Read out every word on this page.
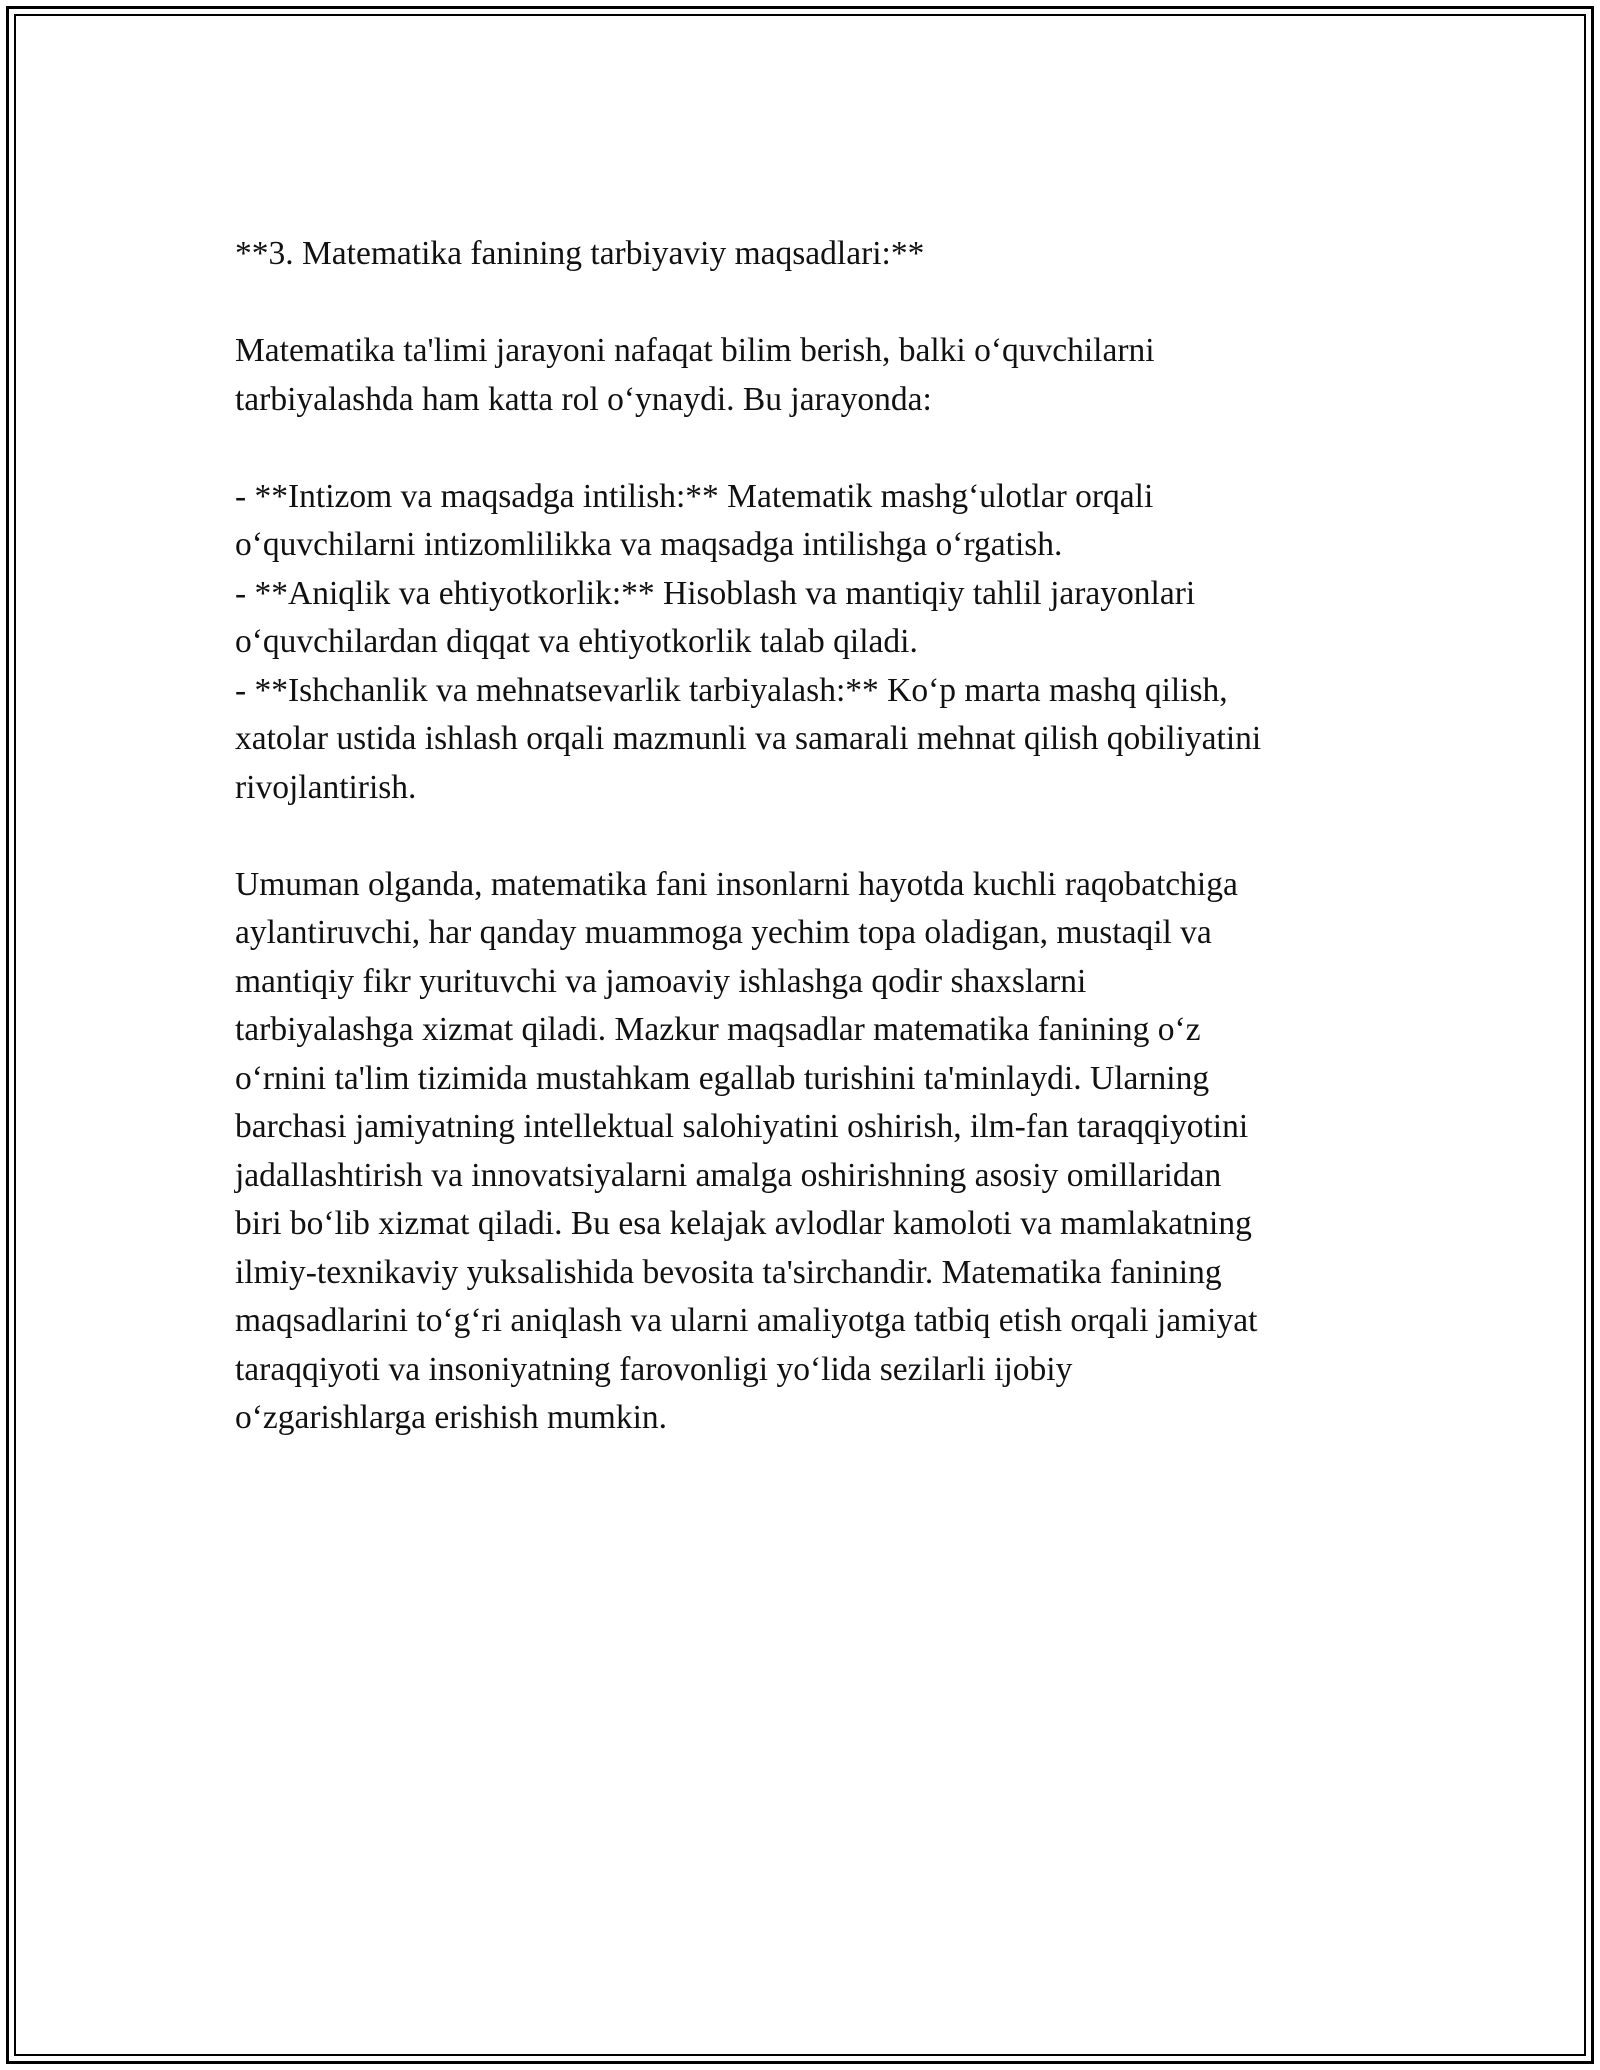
**3. Matematika fanining tarbiyaviy maqsadlari:**

Matematika ta'limi jarayoni nafaqat bilim berish, balki o‘quvchilarni
tarbiyalashda ham katta rol o‘ynaydi. Bu jarayonda:

- **Intizom va maqsadga intilish:** Matematik mashg‘ulotlar orqali
o‘quvchilarni intizomlilikka va maqsadga intilishga o‘rgatish.

- **Aniqlik va ehtiyotkorlik:** Hisoblash va mantiqiy tahlil jarayonlari
o‘quvchilardan diqqat va ehtiyotkorlik talab qiladi.

- **Ishchanlik va mehnatsevarlik tarbiyalash:** Ko‘p marta mashq qilish,
xatolar ustida ishlash orqali mazmunli va samarali mehnat qilish qobiliyatini
rivojlantirish.

Umuman olganda, matematika fani insonlarni hayotda kuchli raqobatchiga
aylantiruvchi, har qanday muammoga yechim topa oladigan, mustaqil va
mantiqiy fikr yurituvchi va jamoaviy ishlashga qodir shaxslarni
tarbiyalashga xizmat qiladi. Mazkur maqsadlar matematika fanining o‘z
o‘rnini ta'lim tizimida mustahkam egallab turishini ta'minlaydi. Ularning
barchasi jamiyatning intellektual salohiyatini oshirish, ilm-fan taraqqiyotini
jadallashtirish va innovatsiyalarni amalga oshirishning asosiy omillaridan
biri bo‘lib xizmat qiladi. Bu esa kelajak avlodlar kamoloti va mamlakatning
ilmiy-texnikaviy yuksalishida bevosita ta'sirchandir. Matematika fanining
maqsadlarini to‘g‘ri aniqlash va ularni amaliyotga tatbiq etish orqali jamiyat
taraqqiyoti va insoniyatning farovonligi yo‘lida sezilarli ijobiy
o‘zgarishlarga erishish mumkin.
